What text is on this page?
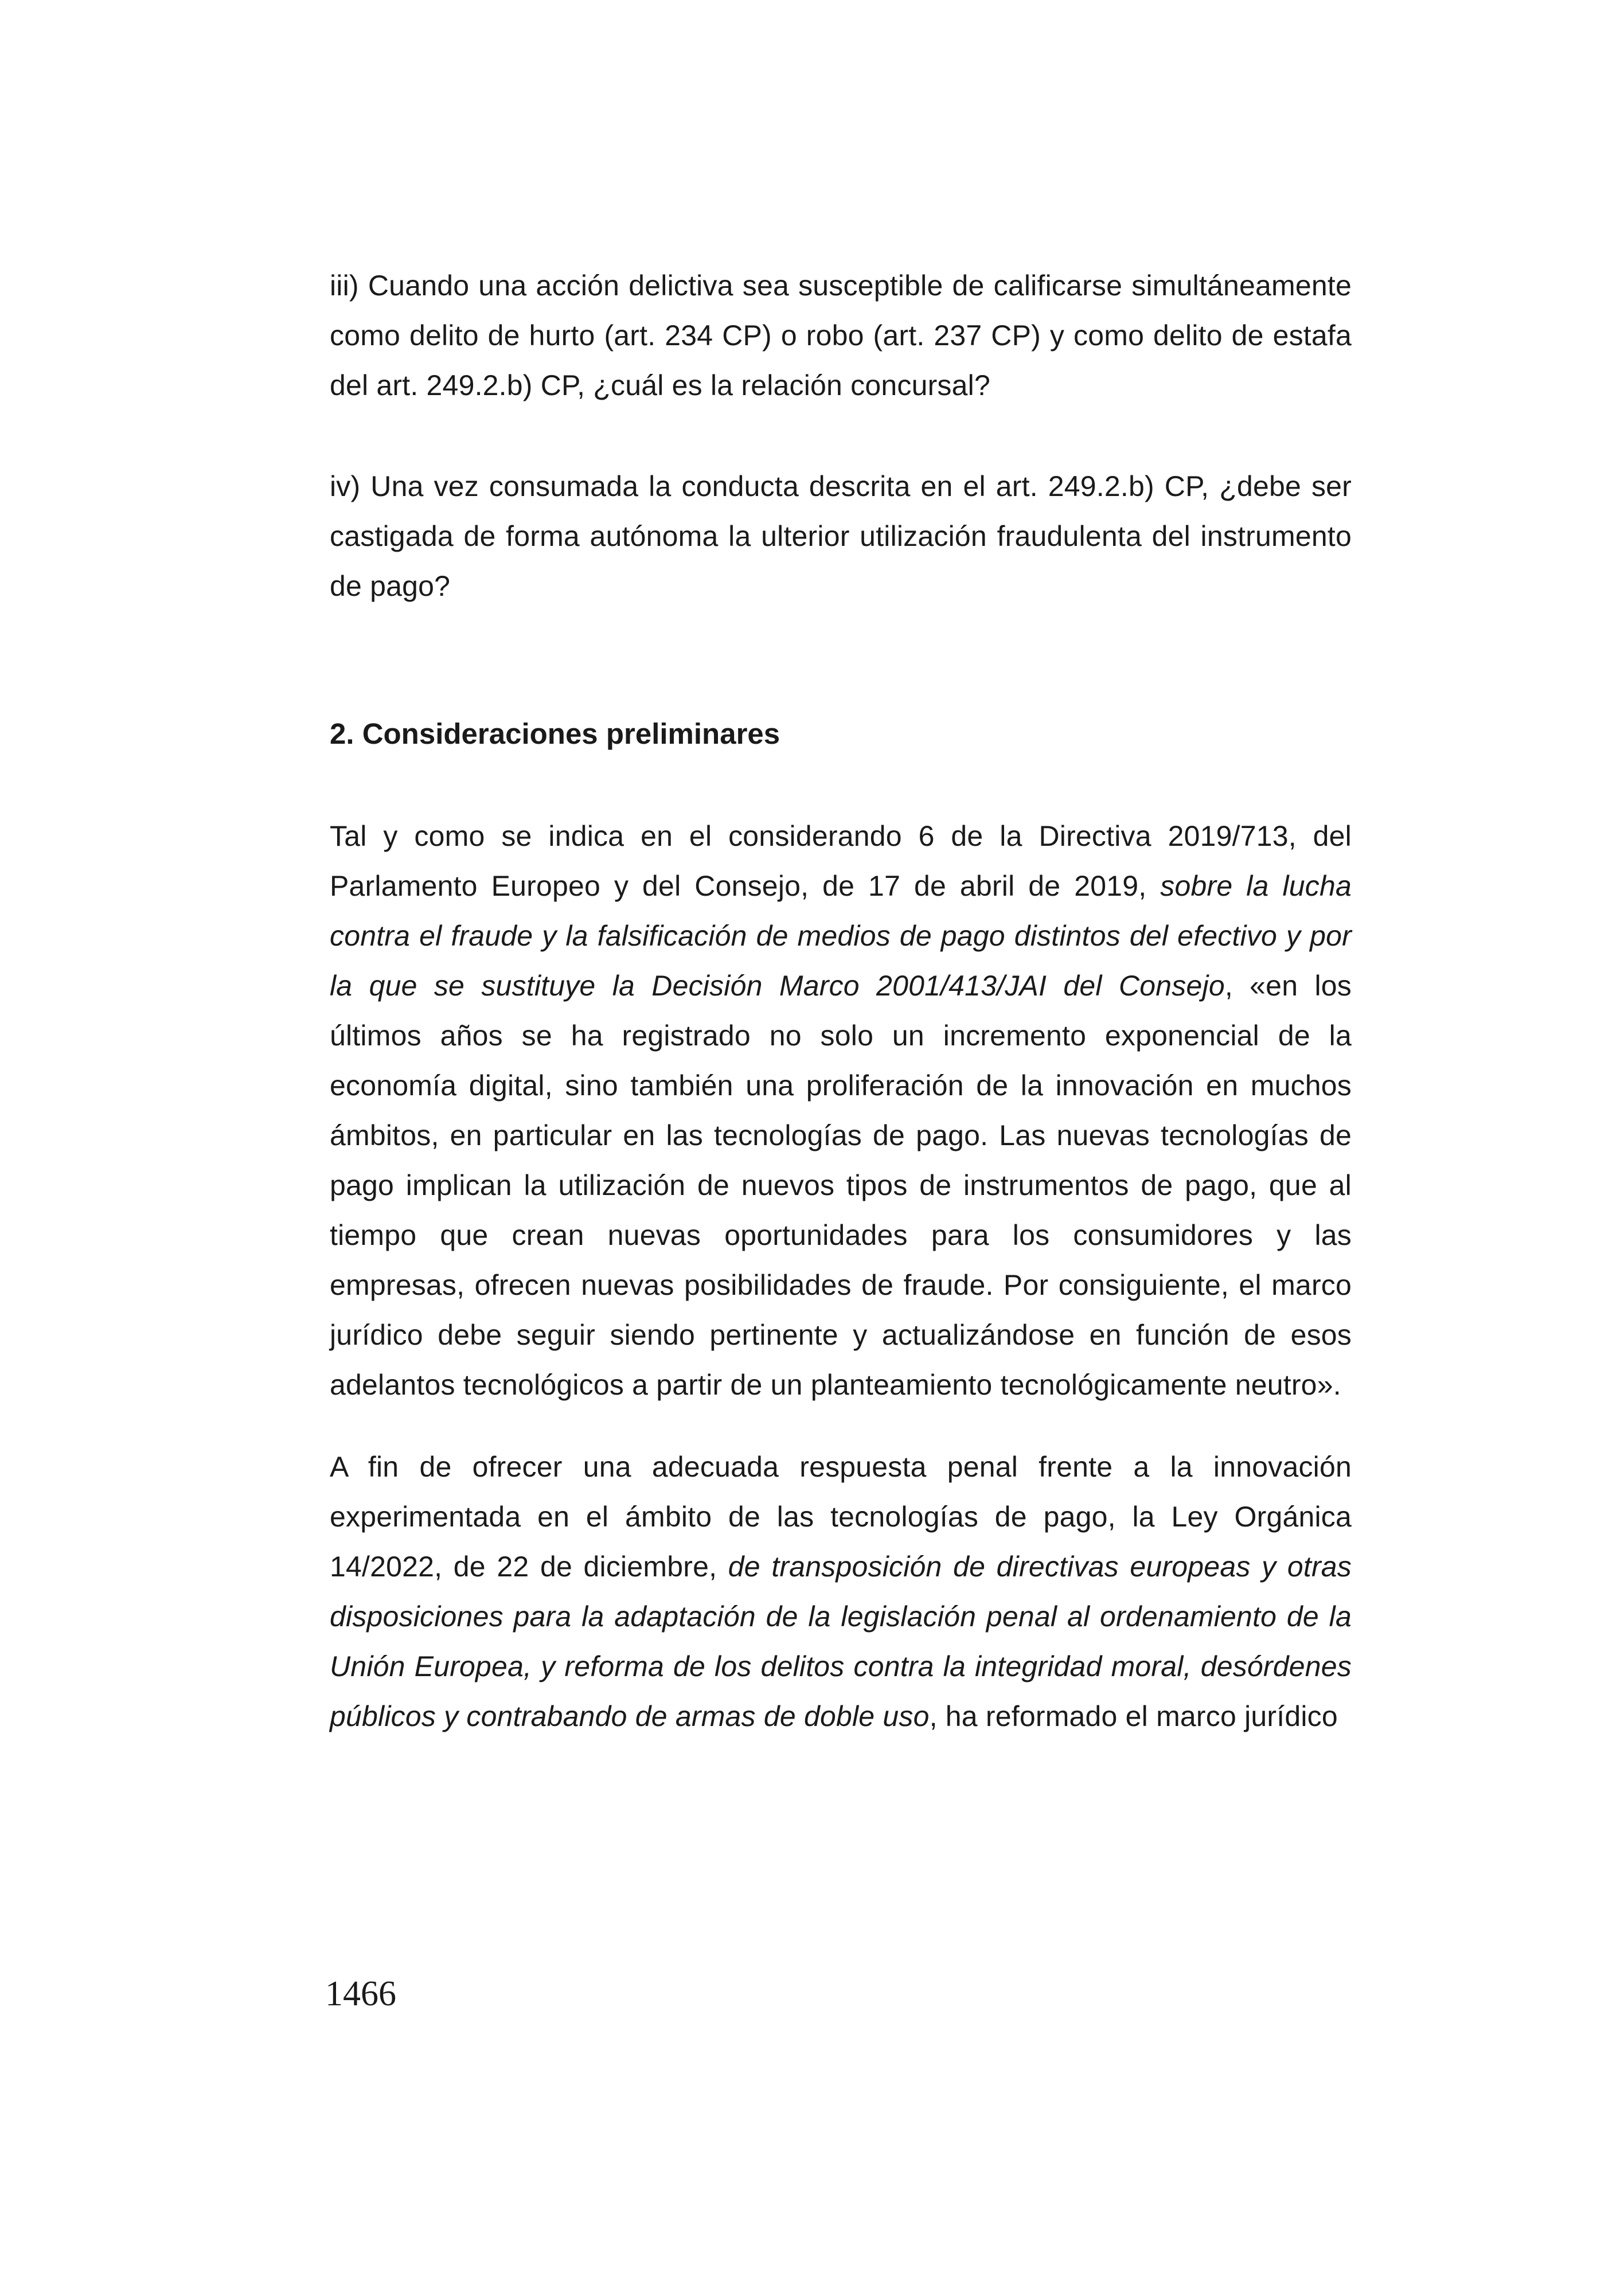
iii) Cuando una acción delictiva sea susceptible de calificarse simultáneamente como delito de hurto (art. 234 CP) o robo (art. 237 CP) y como delito de estafa del art. 249.2.b) CP, ¿cuál es la relación concursal?

iv) Una vez consumada la conducta descrita en el art. 249.2.b) CP, ¿debe ser castigada de forma autónoma la ulterior utilización fraudulenta del instrumento de pago?

2. Consideraciones preliminares

Tal y como se indica en el considerando 6 de la Directiva 2019/713, del Parlamento Europeo y del Consejo, de 17 de abril de 2019, sobre la lucha contra el fraude y la falsificación de medios de pago distintos del efectivo y por la que se sustituye la Decisión Marco 2001/413/JAI del Consejo, «en los últimos años se ha registrado no solo un incremento exponencial de la economía digital, sino también una proliferación de la innovación en muchos ámbitos, en particular en las tecnologías de pago. Las nuevas tecnologías de pago implican la utilización de nuevos tipos de instrumentos de pago, que al tiempo que crean nuevas oportunidades para los consumidores y las empresas, ofrecen nuevas posibilidades de fraude. Por consiguiente, el marco jurídico debe seguir siendo pertinente y actualizándose en función de esos adelantos tecnológicos a partir de un planteamiento tecnológicamente neutro».

A fin de ofrecer una adecuada respuesta penal frente a la innovación experimentada en el ámbito de las tecnologías de pago, la Ley Orgánica 14/2022, de 22 de diciembre, de transposición de directivas europeas y otras disposiciones para la adaptación de la legislación penal al ordenamiento de la Unión Europea, y reforma de los delitos contra la integridad moral, desórdenes públicos y contrabando de armas de doble uso, ha reformado el marco jurídico

1466
